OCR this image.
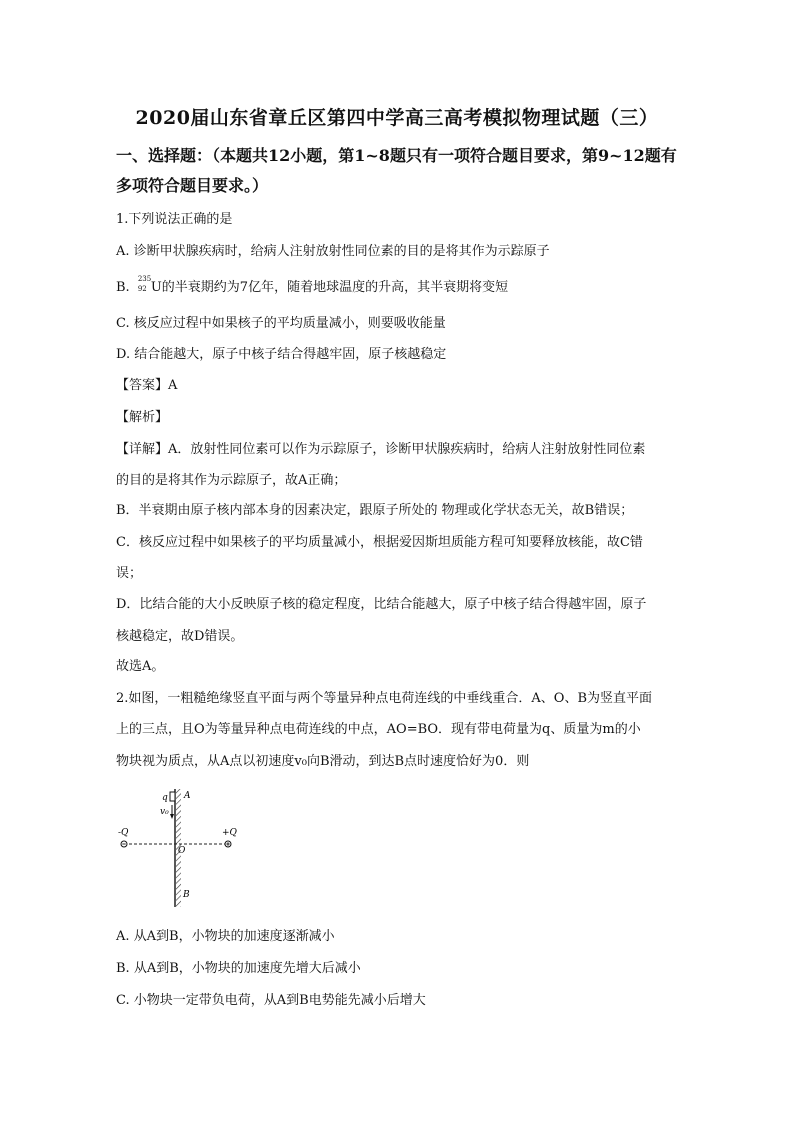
2020届山东省章丘区第四中学高三高考模拟物理试题（三）
一、选择题：（本题共12小题，第1~8题只有一项符合题目要求，第9~12题有多项符合题目要求。）
1.下列说法正确的是
A. 诊断甲状腺疾病时，给病人注射放射性同位素的目的是将其作为示踪原子
B.
235
92 U的半衰期约为7亿年，随着地球温度的升高，其半衰期将变短
C. 核反应过程中如果核子的平均质量减小，则要吸收能量
D. 结合能越大，原子中核子结合得越牢固，原子核越稳定
【答案】A
【解析】
【详解】A．放射性同位素可以作为示踪原子，诊断甲状腺疾病时，给病人注射放射性同位素
的目的是将其作为示踪原子，故A正确；
B．半衰期由原子核内部本身的因素决定，跟原子所处的 物理或化学状态无关，故B错误；
C．核反应过程中如果核子的平均质量减小，根据爱因斯坦质能方程可知要释放核能，故C错
误；
D．比结合能的大小反映原子核的稳定程度，比结合能越大，原子中核子结合得越牢固，原子
核越稳定，故D错误。
故选A。
2.如图，一粗糙绝缘竖直平面与两个等量异种点电荷连线的中垂线重合．A、O、B为竖直平面
上的三点，且O为等量异种点电荷连线的中点，AO=BO．现有带电荷量为q、质量为m的小
物块视为质点，从A点以初速度v₀向B滑动，到达B点时速度恰好为0．则
q A
v₀
-Q	+Q
O
B
A. 从A到B，小物块的加速度逐渐减小
B. 从A到B，小物块的加速度先增大后减小
C. 小物块一定带负电荷，从A到B电势能先减小后增大
